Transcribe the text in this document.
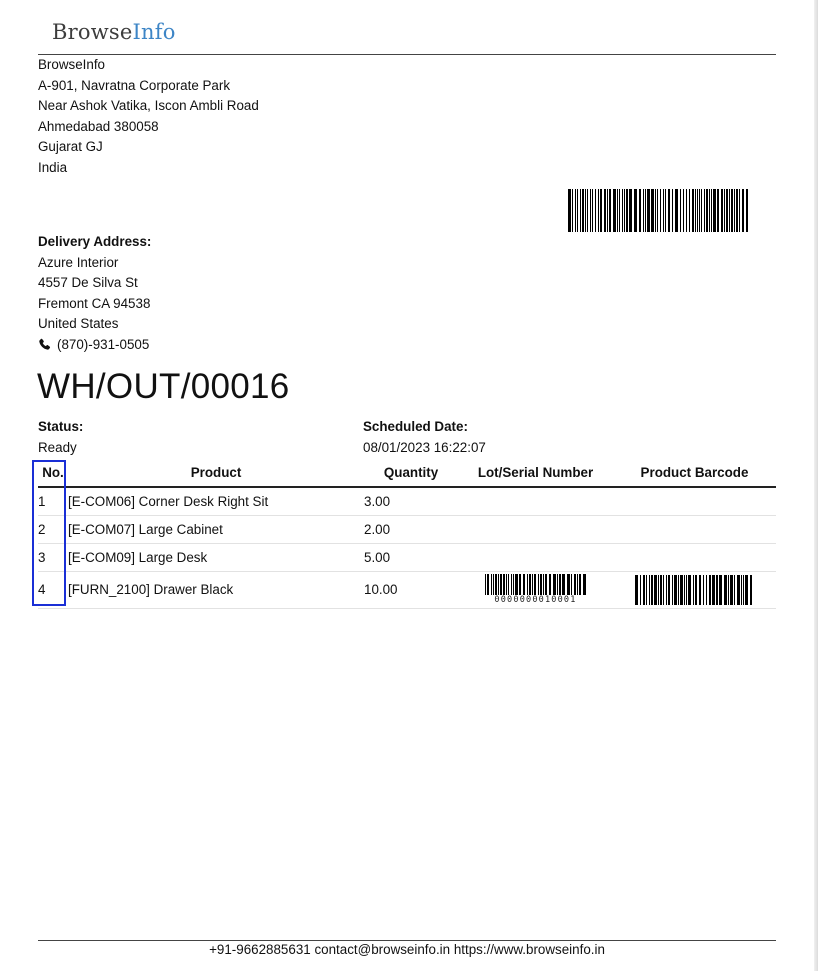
BrowseInfo
BrowseInfo
A-901, Navratna Corporate Park
Near Ashok Vatika, Iscon Ambli Road
Ahmedabad 380058
Gujarat GJ
India
Delivery Address:
Azure Interior
4557 De Silva St
Fremont CA 94538
United States
(870)-931-0505
WH/OUT/00016
Status:
Ready
Scheduled Date:
08/01/2023 16:22:07
No.	Product	Quantity	Lot/Serial Number	Product Barcode
1	[E-COM06] Corner Desk Right Sit	3.00		
2	[E-COM07] Large Cabinet	2.00		
3	[E-COM09] Large Desk	5.00		
4	[FURN_2100] Drawer Black	10.00	0000000010001

+91-9662885631 contact@browseinfo.in https://www.browseinfo.in
